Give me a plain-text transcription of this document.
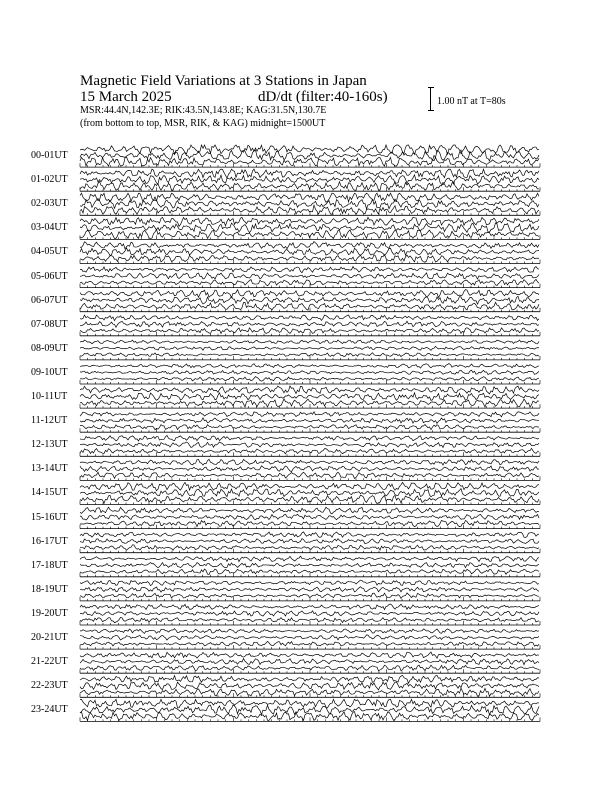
Magnetic Field Variations at 3 Stations in Japan
15 March 2025	dD/dt (filter:40-160s)
MSR:44.4N,142.3E; RIK:43.5N,143.8E; KAG:31.5N,130.7E
(from bottom to top, MSR, RIK, & KAG) midnight=1500UT
1.00 nT at T=80s
00-01UT
01-02UT
02-03UT
03-04UT
04-05UT
05-06UT
06-07UT
07-08UT
08-09UT
09-10UT
10-11UT
11-12UT
12-13UT
13-14UT
14-15UT
15-16UT
16-17UT
17-18UT
18-19UT
19-20UT
20-21UT
21-22UT
22-23UT
23-24UT
